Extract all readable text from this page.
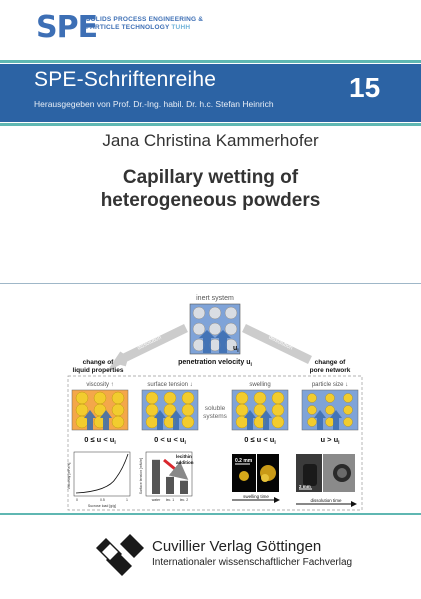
SPE
SOLIDS PROCESS ENGINEERING &
PARTICLE TECHNOLOGY TUHH
SPE-Schriftenreihe
Herausgegeben von Prof. Dr.-Ing. habil. Dr. h.c. Stefan Heinrich
15
Jana Christina Kammerhofer
Capillary wetting of
heterogeneous powders
inert system
$u_i$
penetration velocity $u_i$
dissolution	dissolution
change of
liquid properties
change of
pore network
soluble
systems
viscosity ↑
$0 \le u < u_i$
surface tension ↓
$0 < u < u_i$
swelling
$0 \le u < u_i$
particle size ↓
$u > u_i$
Viscosity [mPa·s]
0	0.5	1
Sucrose load [g/g]
lecithin
addition
Surface tension [mN/m]
water lec. 1 lec. 2
0.2 mm
swelling time
2 mm
dissolution time
Cuvillier Verlag Göttingen
Internationaler wissenschaftlicher Fachverlag
